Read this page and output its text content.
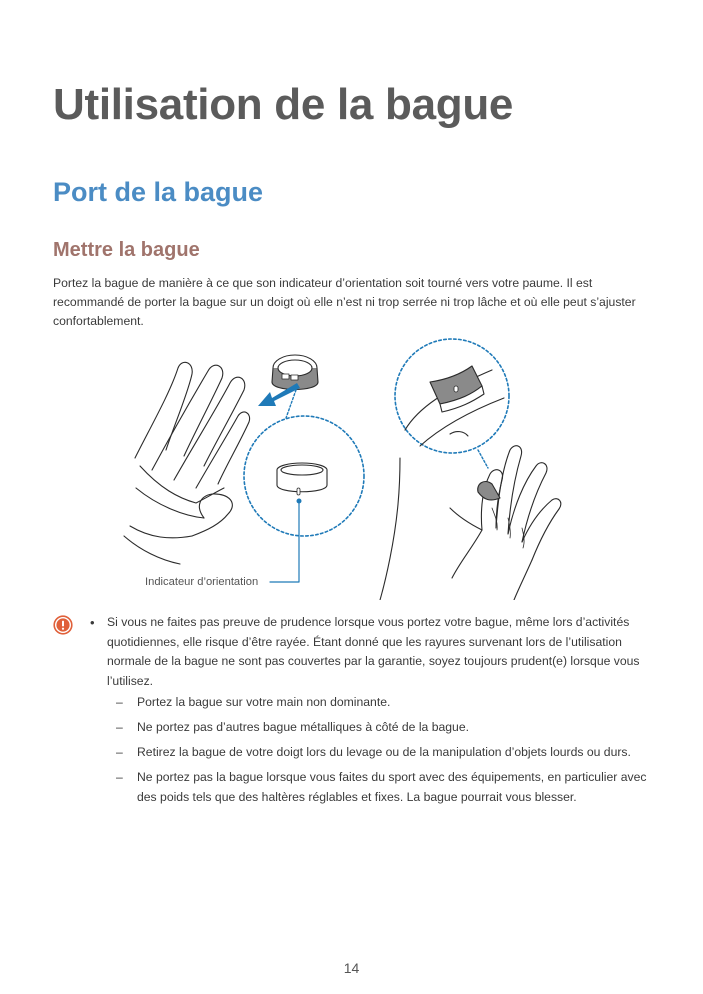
Utilisation de la bague
Port de la bague
Mettre la bague

Portez la bague de manière à ce que son indicateur d’orientation soit tourné vers votre paume. Il est recommandé de porter la bague sur un doigt où elle n’est ni trop serrée ni trop lâche et où elle peut s’ajuster confortablement.

Indicateur d’orientation
• Si vous ne faites pas preuve de prudence lorsque vous portez votre bague, même lors d’activités quotidiennes, elle risque d’être rayée. Étant donné que les rayures survenant lors de l’utilisation normale de la bague ne sont pas couvertes par la garantie, soyez toujours prudent(e) lorsque vous l’utilisez.

– Portez la bague sur votre main non dominante.
– Ne portez pas d’autres bague métalliques à côté de la bague.
– Retirez la bague de votre doigt lors du levage ou de la manipulation d’objets lourds ou durs.
– Ne portez pas la bague lorsque vous faites du sport avec des équipements, en particulier avec des poids tels que des haltères réglables et fixes. La bague pourrait vous blesser.
14
